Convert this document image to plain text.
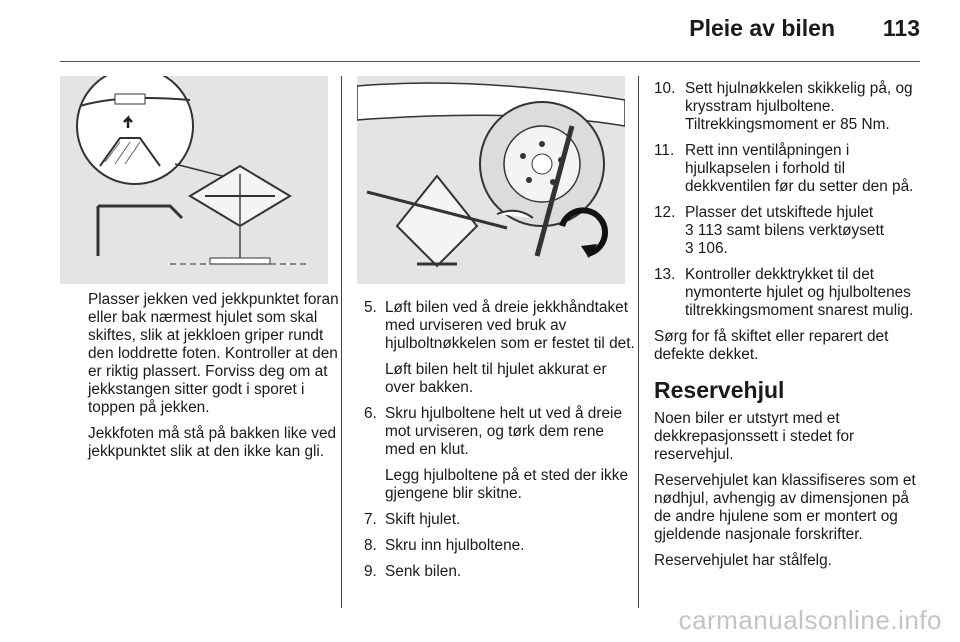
Pleie av bilen 113

Plasser jekken ved jekkpunktet foran eller bak nærmest hjulet som skal skiftes, slik at jekkloen griper rundt den loddrette foten. Kontroller at den er riktig plassert. Forviss deg om at jekkstangen sitter godt i sporet i toppen på jekken.

Jekkfoten må stå på bakken like ved jekkpunktet slik at den ikke kan gli.

5. Løft bilen ved å dreie jekkhåndtaket med urviseren ved bruk av hjulboltnøkkelen som er festet til det.
Løft bilen helt til hjulet akkurat er over bakken.
6. Skru hjulboltene helt ut ved å dreie mot urviseren, og tørk dem rene med en klut.
Legg hjulboltene på et sted der ikke gjengene blir skitne.
7. Skift hjulet.
8. Skru inn hjulboltene.
9. Senk bilen.
10. Sett hjulnøkkelen skikkelig på, og krysstram hjulboltene. Tiltrekkingsmoment er 85 Nm.
11. Rett inn ventilåpningen i hjulkapselen i forhold til dekkventilen før du setter den på.
12. Plasser det utskiftede hjulet
3 113 samt bilens verktøysett
3 106.
13. Kontroller dekktrykket til det nymonterte hjulet og hjulboltenes tiltrekkingsmoment snarest mulig.

Sørg for få skiftet eller reparert det defekte dekket.

Reservehjul

Noen biler er utstyrt med et dekkrepasjonssett i stedet for reservehjul.

Reservehjulet kan klassifiseres som et nødhjul, avhengig av dimensjonen på de andre hjulene som er montert og gjeldende nasjonale forskrifter.

Reservehjulet har stålfelg.

carmanualsonline.info
